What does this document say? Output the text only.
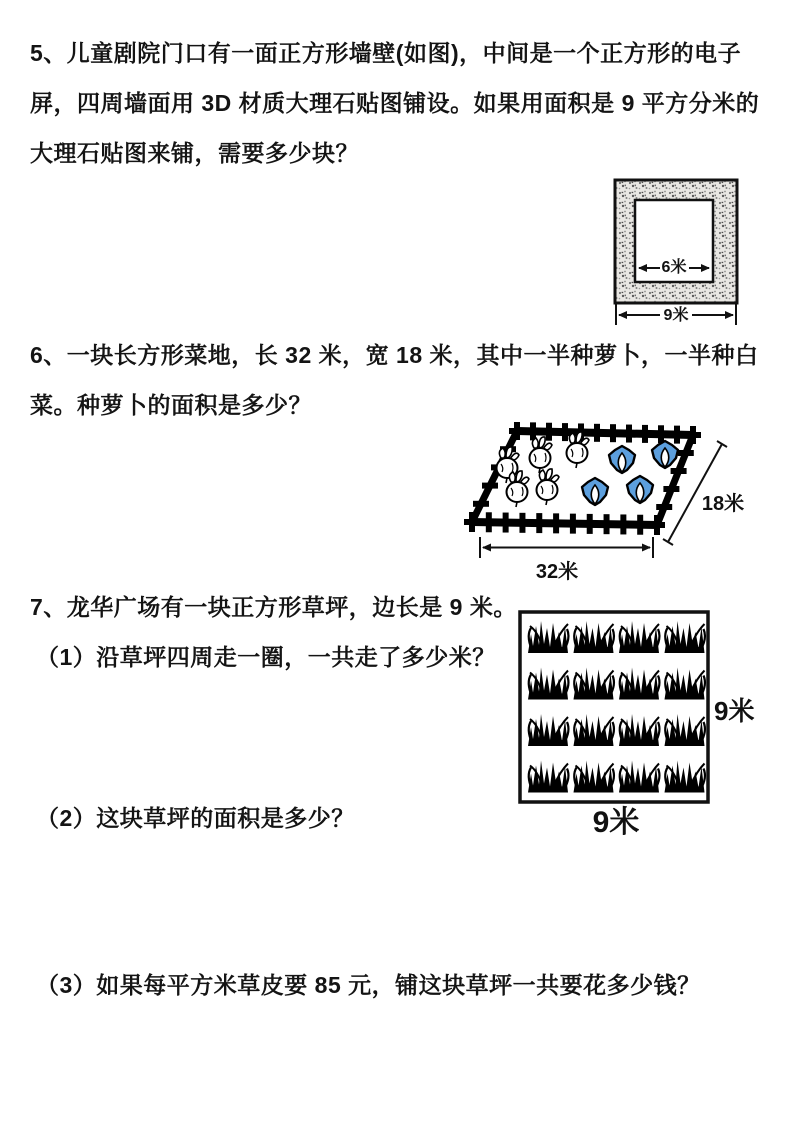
5、儿童剧院门口有一面正方形墙壁(如图)，中间是一个正方形的电子屏，四周墙面用 3D 材质大理石贴图铺设。如果用面积是 9 平方分米的大理石贴图来铺，需要多少块？

6米
9米

6、一块长方形菜地，长 32 米，宽 18 米，其中一半种萝卜，一半种白菜。种萝卜的面积是多少？

32米
18米

7、龙华广场有一块正方形草坪，边长是 9 米。

（1）沿草坪四周走一圈，一共走了多少米？

9米
9米

（2）这块草坪的面积是多少？

（3）如果每平方米草皮要 85 元，铺这块草坪一共要花多少钱？
